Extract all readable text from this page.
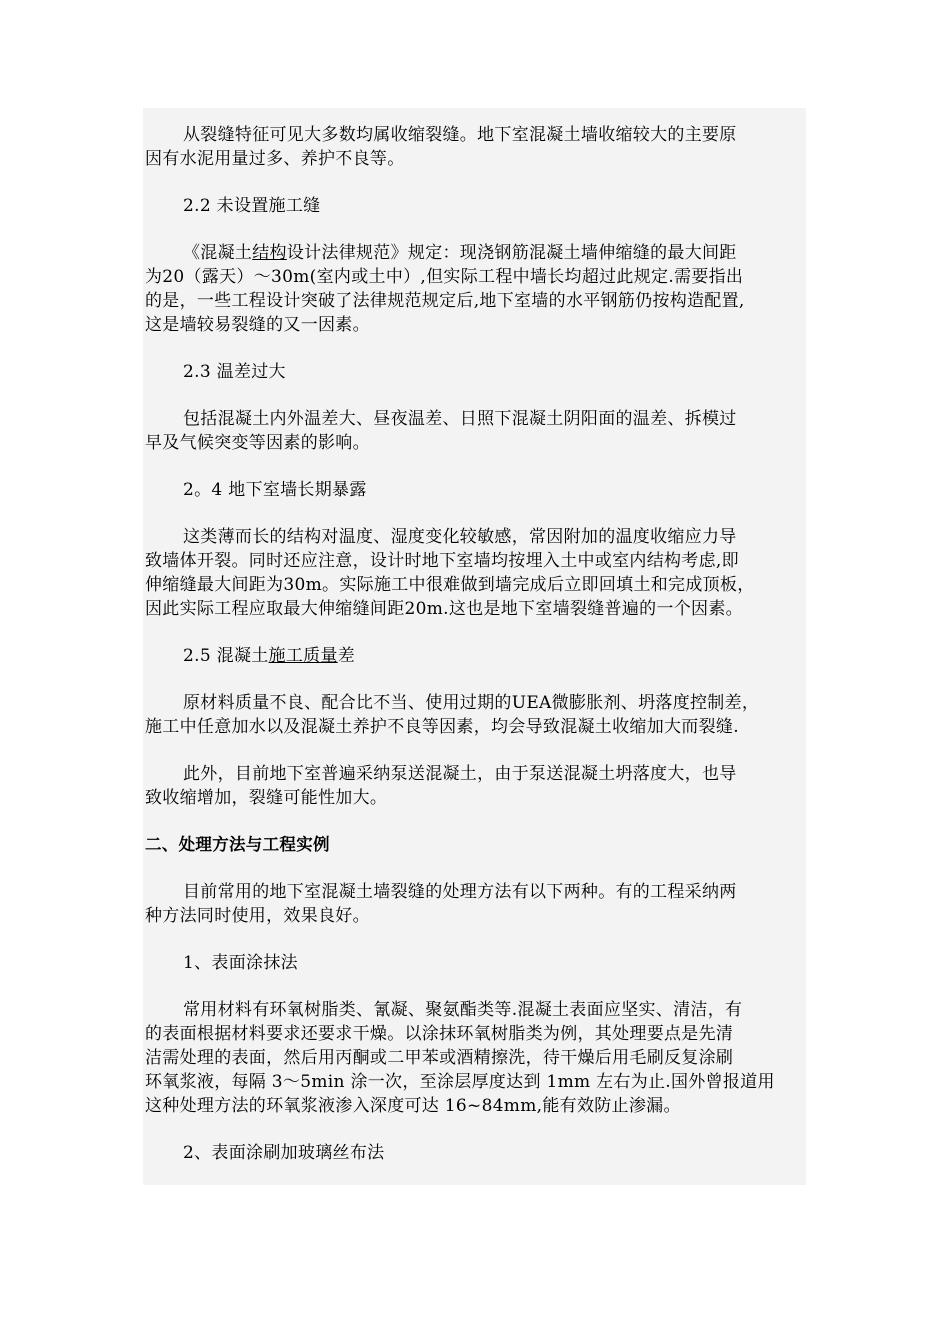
从裂缝特征可见大多数均属收缩裂缝。地下室混凝土墙收缩较大的主要原
因有水泥用量过多、养护不良等。
2.2 未设置施工缝
《混凝土结构设计法律规范》规定：现浇钢筋混凝土墙伸缩缝的最大间距
为20（露天）～30m(室内或土中）,但实际工程中墙长均超过此规定.需要指出
的是，一些工程设计突破了法律规范规定后,地下室墙的水平钢筋仍按构造配置,
这是墙较易裂缝的又一因素。
2.3 温差过大
包括混凝土内外温差大、昼夜温差、日照下混凝土阴阳面的温差、拆模过
早及气候突变等因素的影响。
2。4 地下室墙长期暴露
这类薄而长的结构对温度、湿度变化较敏感，常因附加的温度收缩应力导
致墙体开裂。同时还应注意，设计时地下室墙均按埋入土中或室内结构考虑,即
伸缩缝最大间距为30m。实际施工中很难做到墙完成后立即回填土和完成顶板，
因此实际工程应取最大伸缩缝间距20m.这也是地下室墙裂缝普遍的一个因素。
2.5 混凝土施工质量差
原材料质量不良、配合比不当、使用过期的UEA微膨胀剂、坍落度控制差，
施工中任意加水以及混凝土养护不良等因素，均会导致混凝土收缩加大而裂缝.
此外，目前地下室普遍采纳泵送混凝土，由于泵送混凝土坍落度大，也导
致收缩增加，裂缝可能性加大。
二、处理方法与工程实例
目前常用的地下室混凝土墙裂缝的处理方法有以下两种。有的工程采纳两
种方法同时使用，效果良好。
1、表面涂抹法
常用材料有环氧树脂类、氰凝、聚氨酯类等.混凝土表面应坚实、清洁，有
的表面根据材料要求还要求干燥。以涂抹环氧树脂类为例，其处理要点是先清
洁需处理的表面，然后用丙酮或二甲苯或酒精擦洗，待干燥后用毛刷反复涂刷
环氧浆液，每隔 3～5min 涂一次，至涂层厚度达到 1mm 左右为止.国外曾报道用
这种处理方法的环氧浆液渗入深度可达 16~84mm,能有效防止渗漏。
2、表面涂刷加玻璃丝布法
